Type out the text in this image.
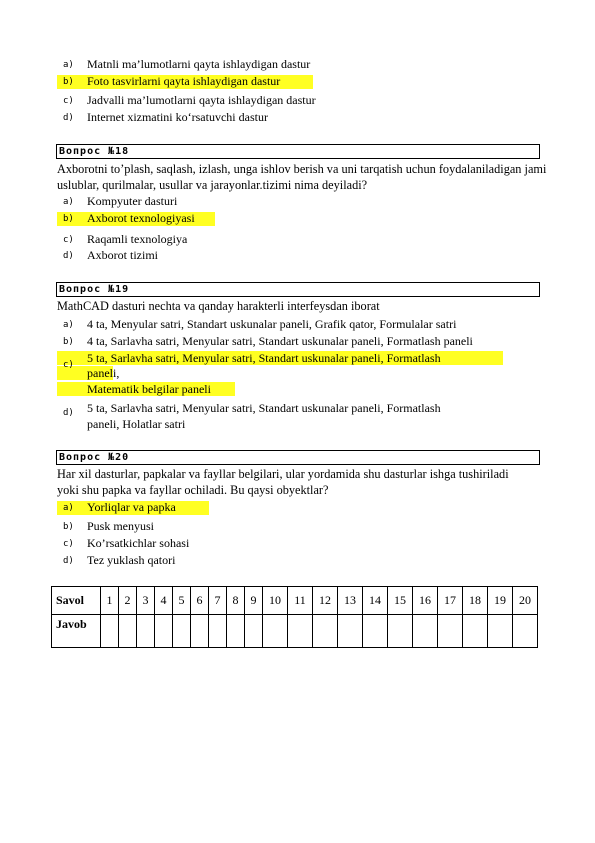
a) Matnli ma’lumotlarni qayta ishlaydigan dastur
b) Foto tasvirlarni qayta ishlaydigan dastur
c) Jadvalli ma’lumotlarni qayta ishlaydigan dastur
d) Internet xizmatini ko‘rsatuvchi dastur
Вопрос №18
Axborotni to’plash, saqlash, izlash, unga ishlov berish va uni tarqatish uchun foydalaniladigan jami uslublar, qurilmalar, usullar va jarayonlar.tizimi nima deyiladi?
a) Kompyuter dasturi
b) Axborot texnologiyasi
c) Raqamli texnologiya
d) Axborot tizimi
Вопрос №19
MathCAD dasturi nechta va qanday harakterli interfeysdan iborat
a) 4 ta, Menyular satri, Standart uskunalar paneli, Grafik qator, Formulalar satri
b) 4 ta, Sarlavha satri, Menyular satri, Standart uskunalar paneli, Formatlash paneli
c) 5 ta, Sarlavha satri, Menyular satri, Standart uskunalar paneli, Formatlash
paneli,
Matematik belgilar paneli
d) 5 ta, Sarlavha satri, Menyular satri, Standart uskunalar paneli, Formatlash
paneli, Holatlar satri
Вопрос №20
Har xil dasturlar, papkalar va fayllar belgilari, ular yordamida shu dasturlar ishga tushiriladi yoki shu papka va fayllar ochiladi. Bu qaysi obyektlar?
a) Yorliqlar va papka
b) Pusk menyusi
c) Ko’rsatkichlar sohasi
d) Tez yuklash qatori
Savol	1	2	3	4	5	6	7	8	9	10	11	12	13	14	15	16	17	18	19	20
Javob																				
